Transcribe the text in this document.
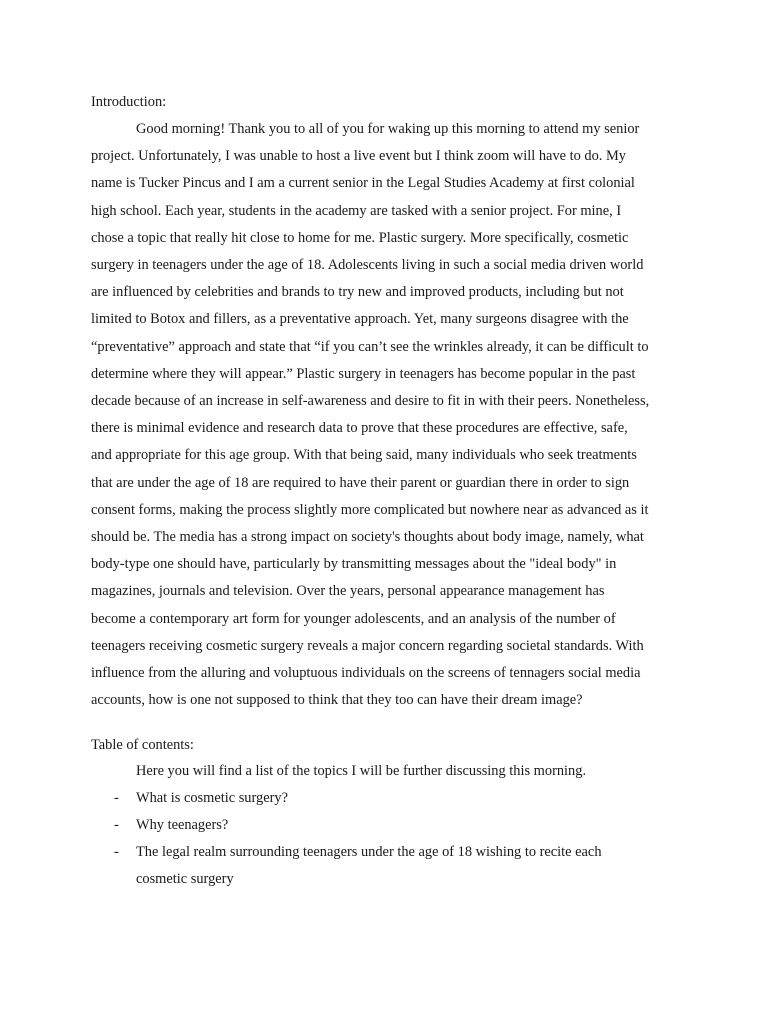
Introduction:

Good morning! Thank you to all of you for waking up this morning to attend my senior
project. Unfortunately, I was unable to host a live event but I think zoom will have to do. My
name is Tucker Pincus and I am a current senior in the Legal Studies Academy at first colonial
high school. Each year, students in the academy are tasked with a senior project. For mine, I
chose a topic that really hit close to home for me. Plastic surgery. More specifically, cosmetic
surgery in teenagers under the age of 18. Adolescents living in such a social media driven world
are influenced by celebrities and brands to try new and improved products, including but not
limited to Botox and fillers, as a preventative approach. Yet, many surgeons disagree with the
“preventative” approach and state that “if you can’t see the wrinkles already, it can be difficult to
determine where they will appear.” Plastic surgery in teenagers has become popular in the past
decade because of an increase in self-awareness and desire to fit in with their peers. Nonetheless,
there is minimal evidence and research data to prove that these procedures are effective, safe,
and appropriate for this age group. With that being said, many individuals who seek treatments
that are under the age of 18 are required to have their parent or guardian there in order to sign
consent forms, making the process slightly more complicated but nowhere near as advanced as it
should be. The media has a strong impact on society's thoughts about body image, namely, what
body-type one should have, particularly by transmitting messages about the "ideal body" in
magazines, journals and television. Over the years, personal appearance management has
become a contemporary art form for younger adolescents, and an analysis of the number of
teenagers receiving cosmetic surgery reveals a major concern regarding societal standards. With
influence from the alluring and voluptuous individuals on the screens of tennagers social media
accounts, how is one not supposed to think that they too can have their dream image?

Table of contents:
Here you will find a list of the topics I will be further discussing this morning.
- What is cosmetic surgery?
- Why teenagers?
- The legal realm surrounding teenagers under the age of 18 wishing to recite each
cosmetic surgery
